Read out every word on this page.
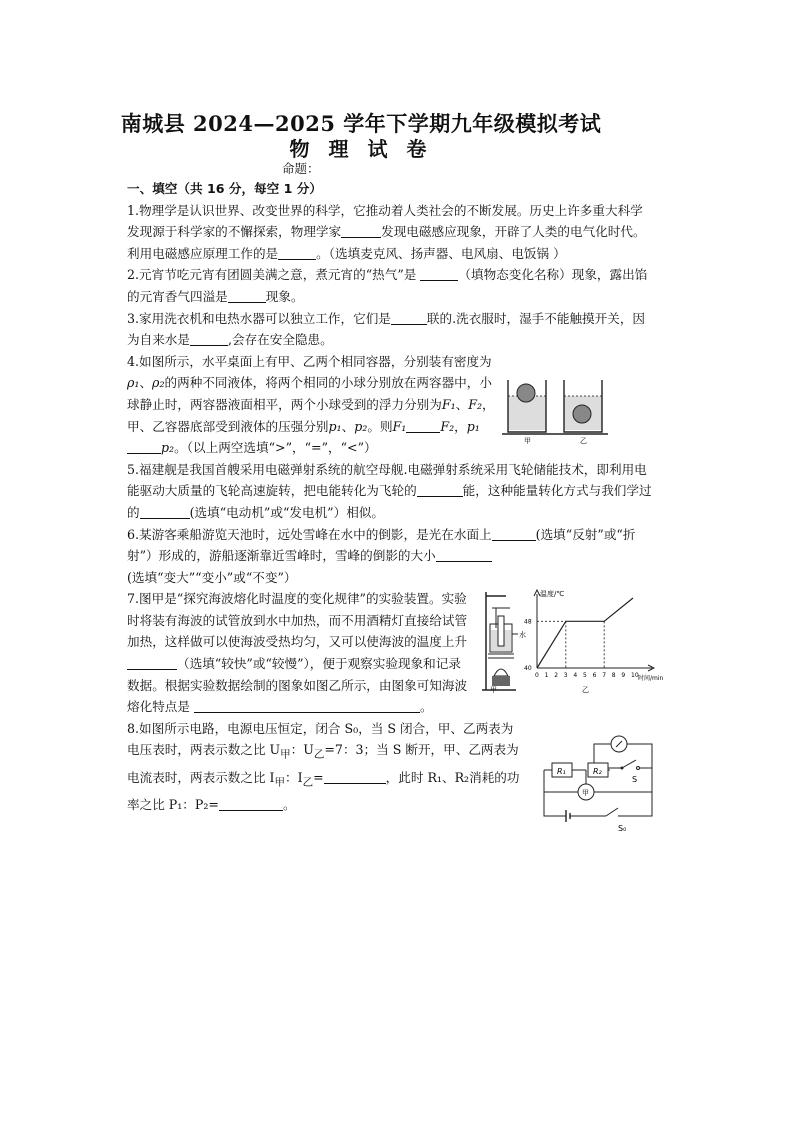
南城县 2024—2025 学年下学期九年级模拟考试
物 理 试 卷
命题：

一、填空（共 16 分，每空 1 分）

1.物理学是认识世界、改变世界的科学，它推动着人类社会的不断发展。历史上许多重大科学发现源于科学家的不懈探索，物理学家	发现电磁感应现象，开辟了人类的电气化时代。利用电磁感应原理工作的是	。（选填麦克风、扬声器、电风扇、电饭锅 ）

2.元宵节吃元宵有团圆美满之意，煮元宵的“热气”是	（填物态变化名称）现象，露出馅的元宵香气四溢是	现象。

3.家用洗衣机和电热水器可以独立工作，它们是	联的.洗衣服时，湿手不能触摸开关，因为自来水是	,会存在安全隐患。

4.如图所示，水平桌面上有甲、乙两个相同容器，分别装有密度为ρ₁、ρ₂的两种不同液体，将两个相同的小球分别放在两容器中，小球静止时，两容器液面相平，两个小球受到的浮力分别为F₁、F₂，甲、乙容器底部受到液体的压强分别p₁、p₂。则F₁	F₂，p₁p₂。（以上两空选填“>”，“=”，“<”）

5.福建舰是我国首艘采用电磁弹射系统的航空母舰.电磁弹射系统采用飞轮储能技术，即利用电能驱动大质量的飞轮高速旋转，把电能转化为飞轮的	能，这种能量转化方式与我们学过的	(选填“电动机”或“发电机”）相似。

6.某游客乘船游览天池时，远处雪峰在水中的倒影，是光在水面上	(选填“反射”或“折射”）形成的，游船逐渐靠近雪峰时，雪峰的倒影的大小(选填“变大”“变小”或“不变”）

7.图甲是“探究海波熔化时温度的变化规律”的实验装置。实验时将装有海波的试管放到水中加热，而不用酒精灯直接给试管加热，这样做可以使海波受热均匀，又可以使海波的温度上升 （选填“较快”或“较慢”），便于观察实验现象和记录数据。根据实验数据绘制的图象如图乙所示，由图象可知海波熔化特点是	。

8.如图所示电路，电源电压恒定，闭合 S₀，当 S 闭合，甲、乙两表为电压表时，两表示数之比 $U_甲$：$U_乙=7$：3；当 S 断开，甲、乙两表为电流表时，两表示数之比 $I_甲$：$I_乙=$	，此时 R₁、R₂消耗的功率之比 P₁：P₂=	。

甲	乙
水
甲
温度/℃
时间/min
0 1 2 3 4 5 6 7 8 9 10
40
48
乙
R₁	R₂
甲
S
S₀
